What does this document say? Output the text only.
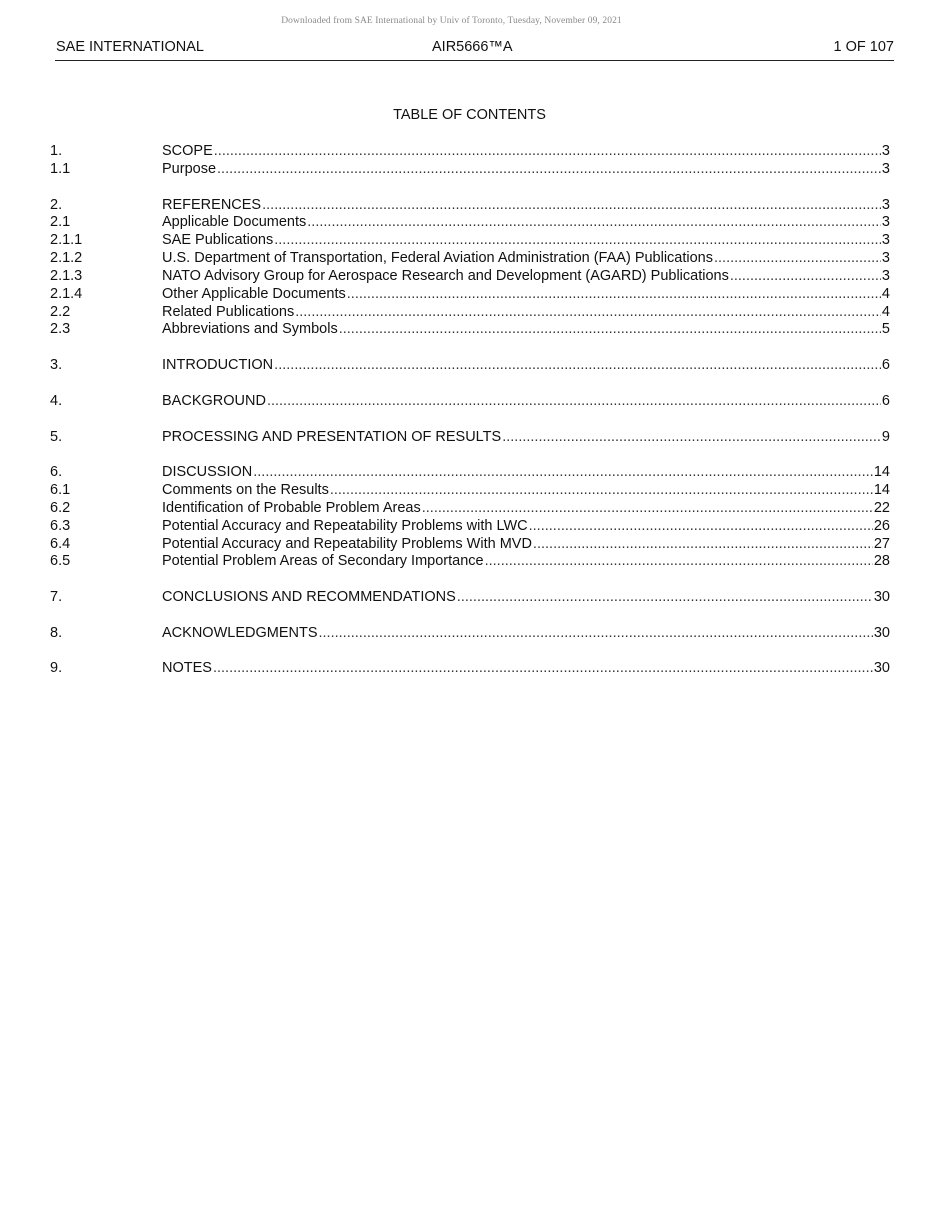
Downloaded from SAE International by Univ of Toronto, Tuesday, November 09, 2021
SAE INTERNATIONAL	AIR5666™A	1 OF 107
TABLE OF CONTENTS
1.	SCOPE .....	3
1.1	Purpose .....	3
2.	REFERENCES .....	3
2.1	Applicable Documents .....	3
2.1.1	SAE Publications .....	3
2.1.2	U.S. Department of Transportation, Federal Aviation Administration (FAA) Publications .....	3
2.1.3	NATO Advisory Group for Aerospace Research and Development (AGARD) Publications .....	3
2.1.4	Other Applicable Documents .....	4
2.2	Related Publications .....	4
2.3	Abbreviations and Symbols .....	5
3.	INTRODUCTION .....	6
4.	BACKGROUND .....	6
5.	PROCESSING AND PRESENTATION OF RESULTS .....	9
6.	DISCUSSION .....	14
6.1	Comments on the Results .....	14
6.2	Identification of Probable Problem Areas .....	22
6.3	Potential Accuracy and Repeatability Problems with LWC .....	26
6.4	Potential Accuracy and Repeatability Problems With MVD .....	27
6.5	Potential Problem Areas of Secondary Importance .....	28
7.	CONCLUSIONS AND RECOMMENDATIONS .....	30
8.	ACKNOWLEDGMENTS .....	30
9.	NOTES .....	30
